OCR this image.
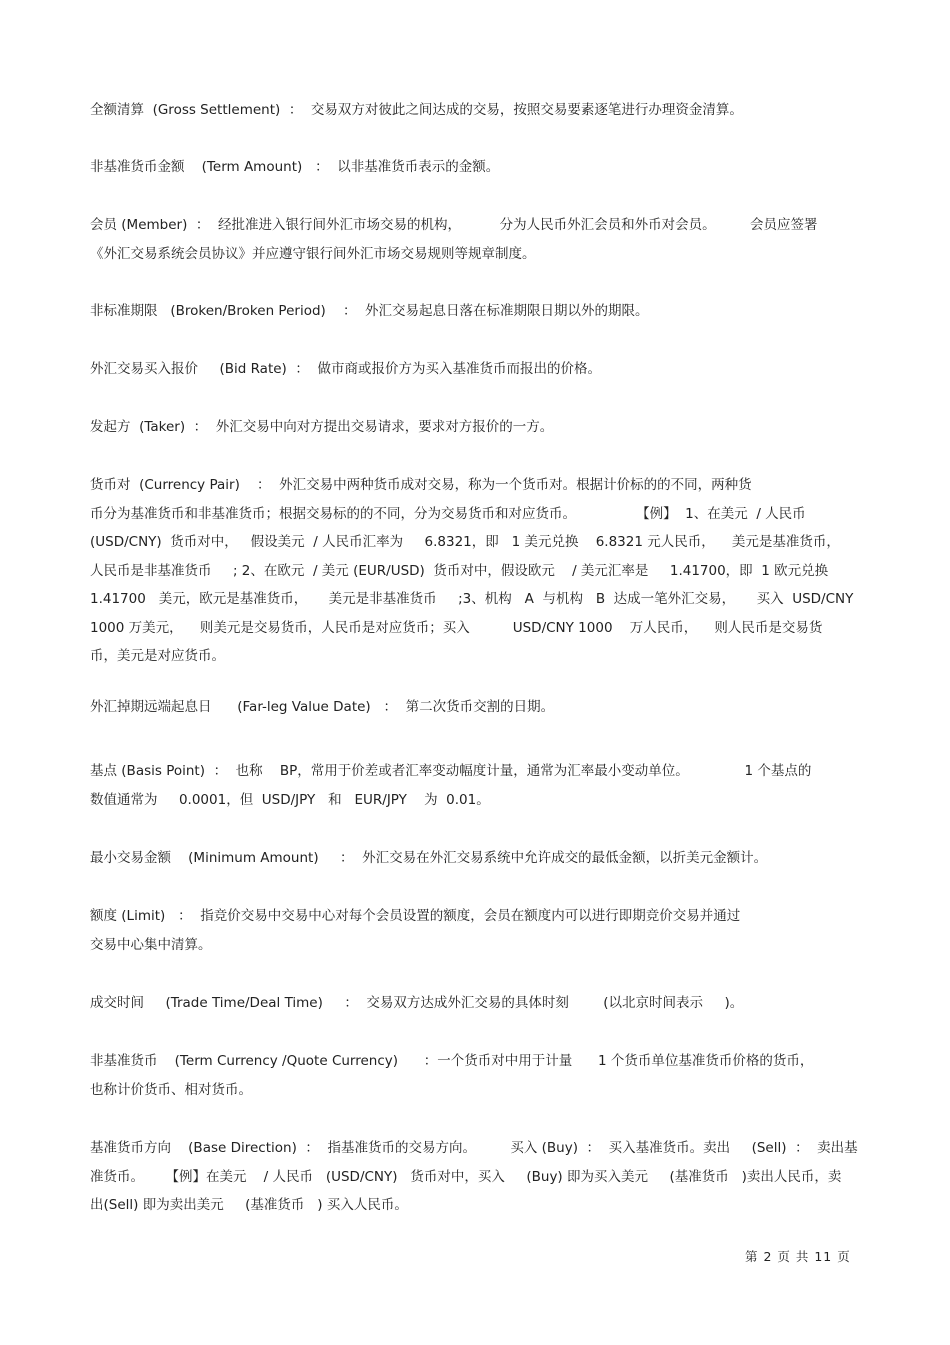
全额清算  (Gross Settlement)  ：  交易双方对彼此之间达成的交易，按照交易要素逐笔进行办理资金清算。
非基准货币金额    (Term Amount)   ：  以非基准货币表示的金额。
会员 (Member)  ：  经批准进入银行间外汇市场交易的机构，         分为人民币外汇会员和外币对会员。        会员应签署
《外汇交易系统会员协议》并应遵守银行间外汇市场交易规则等规章制度。
非标准期限   (Broken/Broken Period)    ：  外汇交易起息日落在标准期限日期以外的期限。
外汇交易买入报价     (Bid Rate)  ：  做市商或报价方为买入基准货币而报出的价格。
发起方  (Taker)  ：  外汇交易中向对方提出交易请求，要求对方报价的一方。
货币对  (Currency Pair)    ：  外汇交易中两种货币成对交易，称为一个货币对。根据计价标的的不同，两种货
币分为基准货币和非基准货币；根据交易标的的不同，分为交易货币和对应货币。              【例】  1、在美元  / 人民币
(USD/CNY)  货币对中，   假设美元  / 人民币汇率为     6.8321，即   1 美元兑换    6.8321 元人民币，    美元是基准货币，
人民币是非基准货币     ; 2、在欧元  / 美元 (EUR/USD)  货币对中，假设欧元    / 美元汇率是     1.41700，即  1 欧元兑换
1.41700   美元，欧元是基准货币，     美元是非基准货币     ;3、机构   A  与机构   B  达成一笔外汇交易，     买入  USD/CNY
1000 万美元，    则美元是交易货币，人民币是对应货币；买入          USD/CNY 1000    万人民币，    则人民币是交易货
币，美元是对应货币。
外汇掉期远端起息日      (Far-leg Value Date)   ：  第二次货币交割的日期。
基点 (Basis Point)  ：  也称    BP，常用于价差或者汇率变动幅度计量，通常为汇率最小变动单位。             1 个基点的
数值通常为     0.0001，但  USD/JPY   和   EUR/JPY    为  0.01。
最小交易金额    (Minimum Amount)     ：  外汇交易在外汇交易系统中允许成交的最低金额，以折美元金额计。
额度 (Limit)   ：  指竞价交易中交易中心对每个会员设置的额度，会员在额度内可以进行即期竞价交易并通过
交易中心集中清算。
成交时间     (Trade Time/Deal Time)     ：  交易双方达成外汇交易的具体时刻        (以北京时间表示     )。
非基准货币    (Term Currency /Quote Currency)      ：一个货币对中用于计量      1 个货币单位基准货币价格的货币，
也称计价货币、相对货币。
基准货币方向    (Base Direction)  ：  指基准货币的交易方向。        买入 (Buy)  ：  买入基准货币。卖出     (Sell)  ：  卖出基
准货币。     【例】在美元    / 人民币   (USD/CNY)   货币对中，买入     (Buy) 即为买入美元     (基准货币   )卖出人民币，卖
出(Sell) 即为卖出美元     (基准货币   ) 买入人民币。
第 2 页 共 11 页
